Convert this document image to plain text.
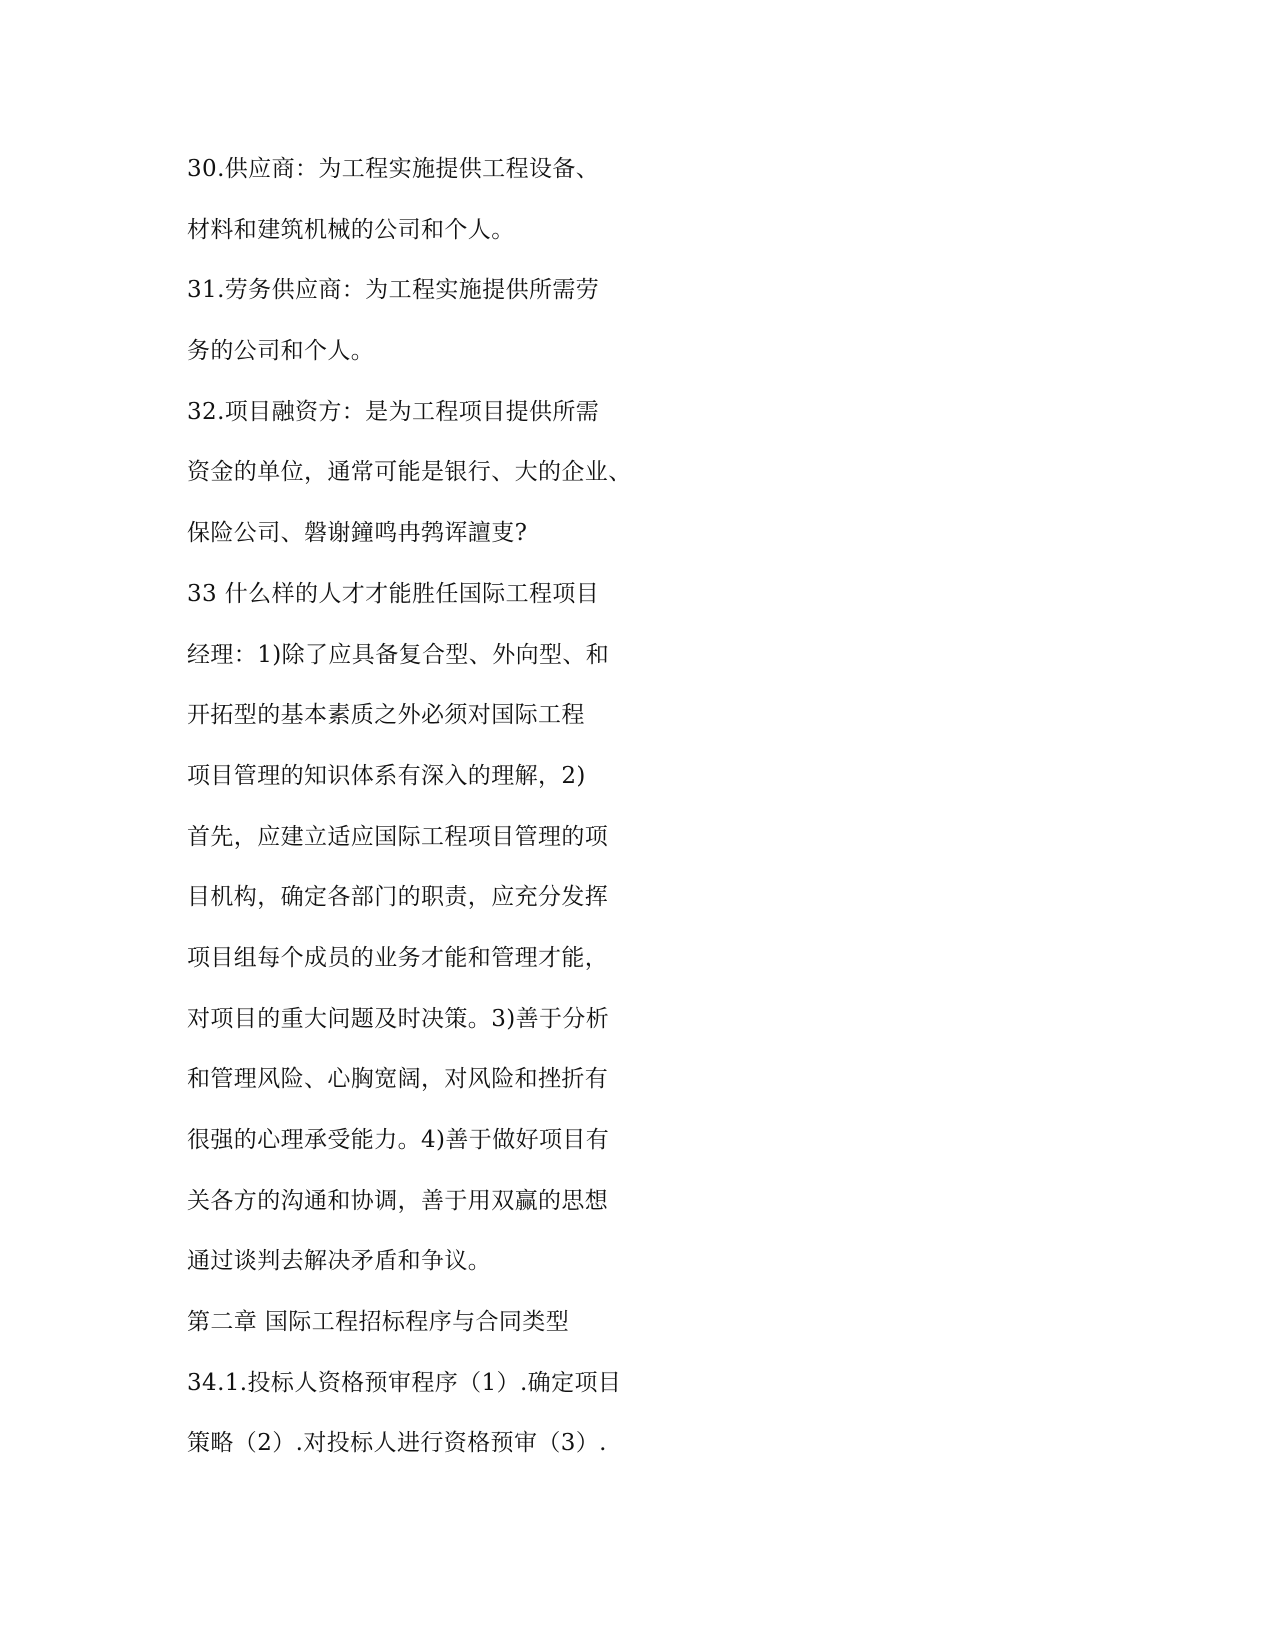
30.供应商：为工程实施提供工程设备、
材料和建筑机械的公司和个人。
31.劳务供应商：为工程实施提供所需劳
务的公司和个人。
32.项目融资方：是为工程项目提供所需
资金的单位，通常可能是银行、大的企业、
保险公司、磐谢鐘鸣冉鹁诨譠叓?
33 什么样的人才才能胜任国际工程项目
经理：1)除了应具备复合型、外向型、和
开拓型的基本素质之外必须对国际工程
项目管理的知识体系有深入的理解，2)
首先，应建立适应国际工程项目管理的项
目机构，确定各部门的职责，应充分发挥
项目组每个成员的业务才能和管理才能，
对项目的重大问题及时决策。3)善于分析
和管理风险、心胸宽阔，对风险和挫折有
很强的心理承受能力。4)善于做好项目有
关各方的沟通和协调，善于用双赢的思想
通过谈判去解决矛盾和争议。
第二章 国际工程招标程序与合同类型
34.1.投标人资格预审程序（1）.确定项目
策略（2）.对投标人进行资格预审（3）.
